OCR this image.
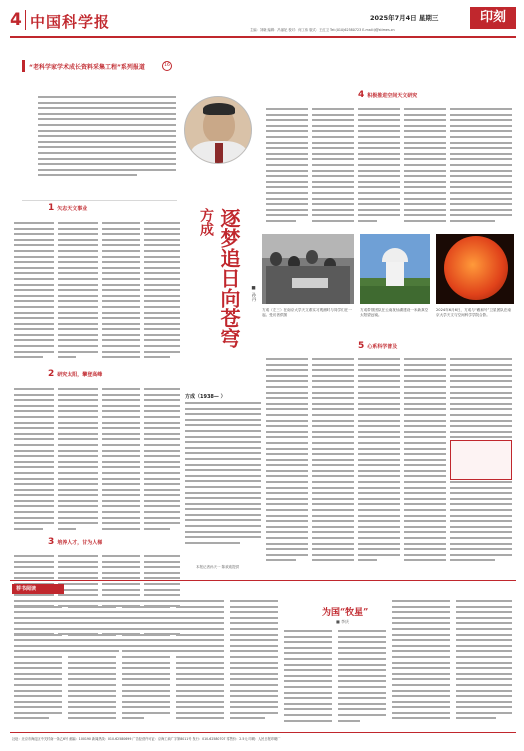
4 中国科学报	2025年7月4日 星期三	印刻
主编：刘晓 编辑：冯丽妃 校对：何工伟 版式：王红卫 Tel:(010)62580723 E-mail:lj@stimes.cn
“老科学家学术成长资料采集工程”系列报道	16
逐梦追日向苍穹
方成
■ 孙丹
方成（1938— ）
本报记者孙天一 陈欢欢提供
1 矢志天文事业
2 研究太阳，攀登高峰
3 培养人才，甘为人梯
4 积极推进空间天文研究
5 心系科学普及
方成（左三）在南京大学天文系实习观测时与同学们在一起。受访者供图
方成带领团队在云南抚仙湖建设一米新真空太阳望远镜。
2024年6月6日，方成与“羲和号”卫星团队在南京大学天文与空间科学学院合影。
荐书阅读
为国“牧星”
■ 李庆
社址：北京市海淀区中关村南一条乙6号 邮编：100190 新闻热线：010-62580699 广告经营许可证：京海工商广字第8011号 发行：010-62580707 零售价：2.5元 印刷：人民日报印刷厂
